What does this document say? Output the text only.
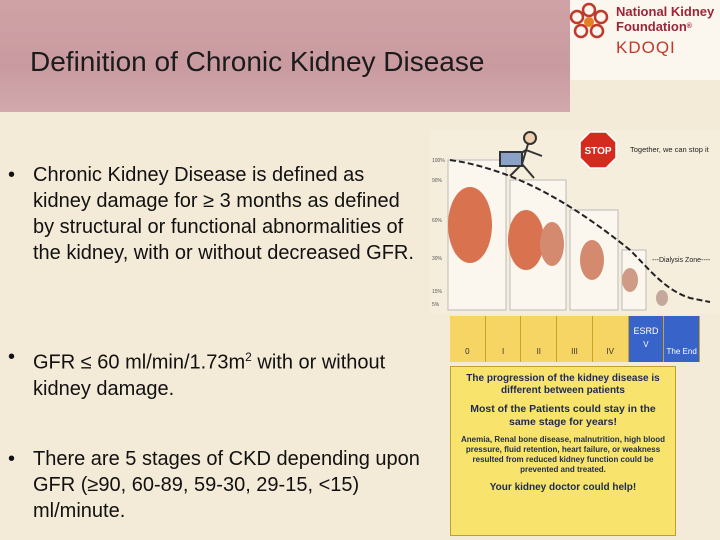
Definition of Chronic Kidney Disease
National Kidney
Foundation®
KDOQI
• Chronic Kidney Disease is defined as kidney damage for ≥ 3 months as defined by structural or functional abnormalities of the kidney, with or without decreased GFR.
• GFR ≤ 60 $ml/\min/1.73m^2$ with or without kidney damage.
• There are 5 stages of CKD depending upon GFR (≥90, 60-89, 59-30, 29-15, <15) ml/minute.
100%
90%
60%
30%
15%
5%
Together, we can stop it
---Dialysis Zone----
STOP
0	I	II	III	IV
ESRD
V
The End
The progression of the kidney disease is different between patients
Most of the Patients could stay in the same stage for years!
Anemia, Renal bone disease, malnutrition, high blood pressure, fluid retention, heart failure, or weakness resulted from reduced kidney function could be prevented and treated.
Your kidney doctor could help!
